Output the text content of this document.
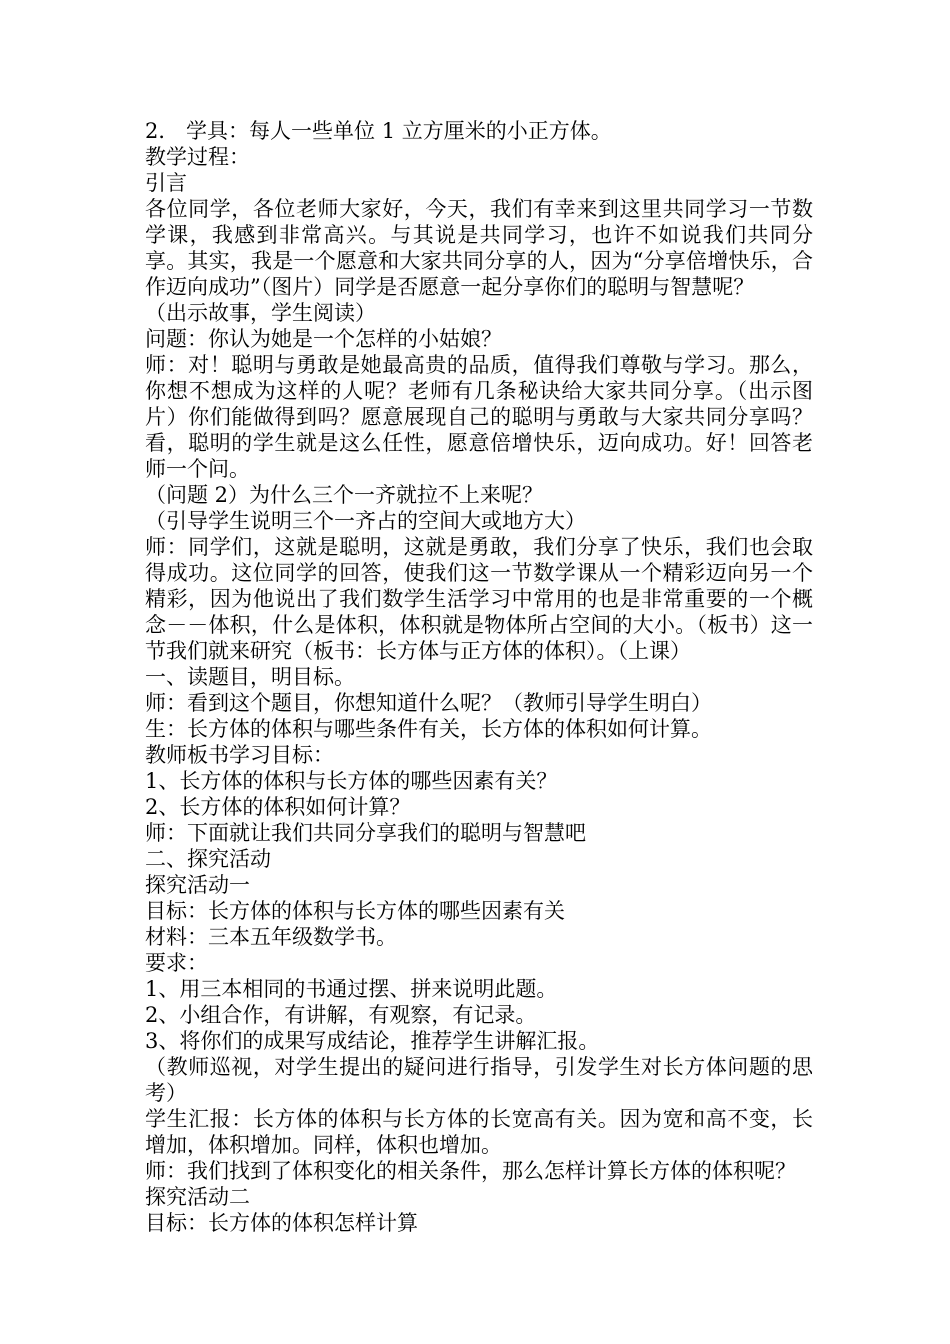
2． 学具：每人一些单位 1 立方厘米的小正方体。

教学过程：

引言

各位同学，各位老师大家好，今天，我们有幸来到这里共同学习一节数学课，我感到非常高兴。与其说是共同学习，也许不如说我们共同分享。其实，我是一个愿意和大家共同分享的人，因为“分享倍增快乐，合作迈向成功”（图片）同学是否愿意一起分享你们的聪明与智慧呢？

（出示故事，学生阅读）

问题：你认为她是一个怎样的小姑娘？

师：对！聪明与勇敢是她最高贵的品质，值得我们尊敬与学习。那么，你想不想成为这样的人呢？老师有几条秘诀给大家共同分享。（出示图片）你们能做得到吗？愿意展现自己的聪明与勇敢与大家共同分享吗？看，聪明的学生就是这么任性，愿意倍增快乐，迈向成功。好！回答老师一个问。

（问题 2）为什么三个一齐就拉不上来呢？

（引导学生说明三个一齐占的空间大或地方大）

师：同学们，这就是聪明，这就是勇敢，我们分享了快乐，我们也会取得成功。这位同学的回答，使我们这一节数学课从一个精彩迈向另一个精彩，因为他说出了我们数学生活学习中常用的也是非常重要的一个概念－－体积，什么是体积，体积就是物体所占空间的大小。（板书）这一节我们就来研究（板书：长方体与正方体的体积）。（上课）

一、读题目，明目标。

师：看到这个题目，你想知道什么呢？（教师引导学生明白）

生：长方体的体积与哪些条件有关，长方体的体积如何计算。

教师板书学习目标：

1、长方体的体积与长方体的哪些因素有关？

2、长方体的体积如何计算？

师：下面就让我们共同分享我们的聪明与智慧吧

二、探究活动

探究活动一

目标：长方体的体积与长方体的哪些因素有关

材料：三本五年级数学书。

要求：

1、用三本相同的书通过摆、拼来说明此题。

2、小组合作，有讲解，有观察，有记录。

3、将你们的成果写成结论，推荐学生讲解汇报。

（教师巡视，对学生提出的疑问进行指导，引发学生对长方体问题的思考）

学生汇报：长方体的体积与长方体的长宽高有关。因为宽和高不变，长增加，体积增加。同样，体积也增加。

师：我们找到了体积变化的相关条件，那么怎样计算长方体的体积呢？

探究活动二

目标：长方体的体积怎样计算
